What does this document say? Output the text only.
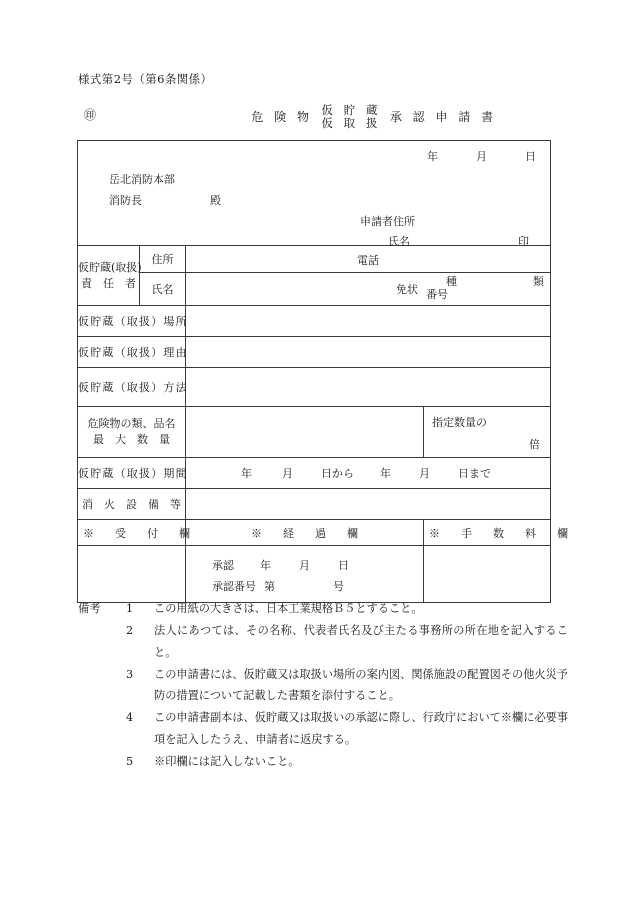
様式第2号（第6条関係）
㊞	危 険 物
仮 貯 蔵
仮 取 扱 承 認 申 請 書
年 月 日
岳北消防本部
消防長 殿
申請者住所
氏名 印			

仮貯蔵(取扱)
責　任　者	住所	電話	

	氏名	免状
種 類
番号	

仮貯蔵（取扱）場所			
仮貯蔵（取扱）理由			
仮貯蔵（取扱）方法			

危険物の類、品名
最　大　数　量

指定数量の
倍

仮貯蔵（取扱）期間		年 月 日から 年 月 日まで	

消　火　設　備　等			
※　受　付　欄		※　経　過　欄	※　手　数　料　欄

		承認 年 月 日
承認番号 第 号	

備考	1	この用紙の大きさは、日本工業規格Ｂ５とすること。
2	法人にあつては、その名称、代表者氏名及び主たる事務所の所在地を記入すること。
3	この申請書には、仮貯蔵又は取扱い場所の案内図、関係施設の配置図その他火災予防の措置について記載した書類を添付すること。
4	この申請書副本は、仮貯蔵又は取扱いの承認に際し、行政庁において※欄に必要事項を記入したうえ、申請者に返戻する。
5	※印欄には記入しないこと。
